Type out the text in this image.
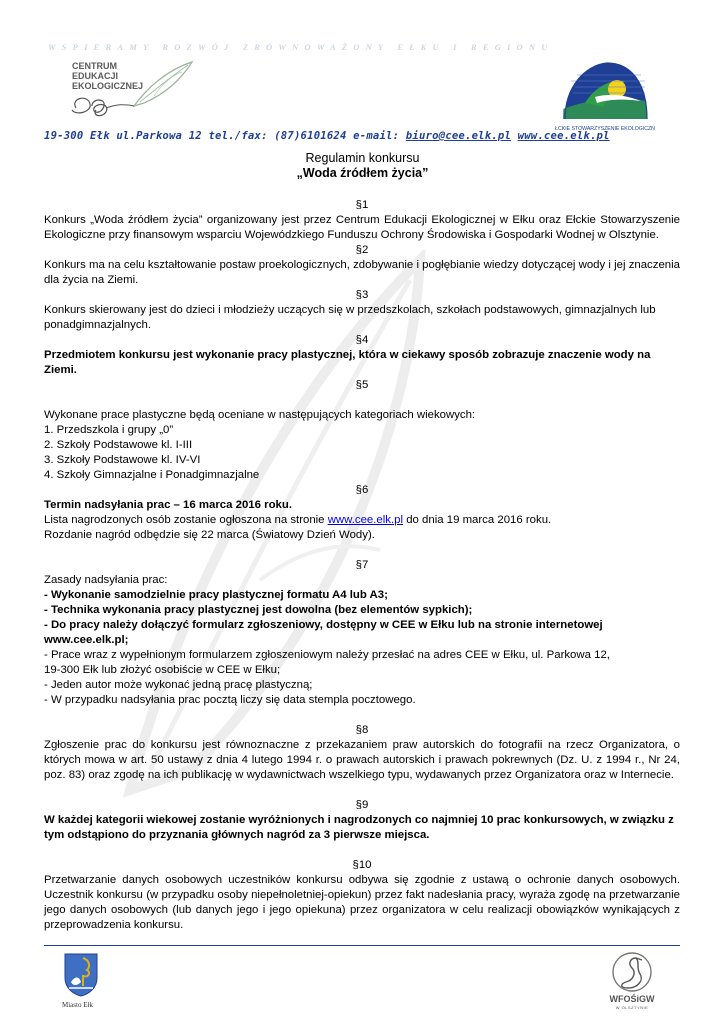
WSPIERAMY ROZWÓJ ZRÓWNOWAŻONY EŁKU I REGIONU
CENTRUM
EDUKACJI
EKOLOGICZNEJ
EŁCKIE STOWARZYSZENIE EKOLOGICZNE
19-300 Ełk ul.Parkowa 12 tel./fax: (87)6101624 e-mail: biuro@cee.elk.pl www.cee.elk.pl
Regulamin konkursu
„Woda źródłem życia”
§1
Konkurs „Woda źródłem życia” organizowany jest przez Centrum Edukacji Ekologicznej w Ełku oraz Ełckie Stowarzyszenie Ekologiczne przy finansowym wsparciu Wojewódzkiego Funduszu Ochrony Środowiska i Gospodarki Wodnej w Olsztynie.
§2
Konkurs ma na celu kształtowanie postaw proekologicznych, zdobywanie i pogłębianie wiedzy dotyczącej wody i jej znaczenia dla życia na Ziemi.
§3
Konkurs skierowany jest do dzieci i młodzieży uczących się w przedszkolach, szkołach podstawowych, gimnazjalnych lub ponadgimnazjalnych.
§4
Przedmiotem konkursu jest wykonanie pracy plastycznej, która w ciekawy sposób zobrazuje znaczenie wody na Ziemi.
§5
Wykonane prace plastyczne będą oceniane w następujących kategoriach wiekowych:
1. Przedszkola i grupy „0”
2. Szkoły Podstawowe kl. I-III
3. Szkoły Podstawowe kl. IV-VI
4. Szkoły Gimnazjalne i Ponadgimnazjalne
§6
Termin nadsyłania prac – 16 marca 2016 roku.
Lista nagrodzonych osób zostanie ogłoszona na stronie www.cee.elk.pl do dnia 19 marca 2016 roku.
Rozdanie nagród odbędzie się 22 marca (Światowy Dzień Wody).
§7
Zasady nadsyłania prac:
- Wykonanie samodzielnie pracy plastycznej formatu A4 lub A3;
- Technika wykonania pracy plastycznej jest dowolna (bez elementów sypkich);
- Do pracy należy dołączyć formularz zgłoszeniowy, dostępny w CEE w Ełku lub na stronie internetowej www.cee.elk.pl;
- Prace wraz z wypełnionym formularzem zgłoszeniowym należy przesłać na adres CEE w Ełku, ul. Parkowa 12,
19-300 Ełk lub złożyć osobiście w CEE w Ełku;
- Jeden autor może wykonać jedną pracę plastyczną;
- W przypadku nadsyłania prac pocztą liczy się data stempla pocztowego.
§8
Zgłoszenie prac do konkursu jest równoznaczne z przekazaniem praw autorskich do fotografii na rzecz Organizatora, o których mowa w art. 50 ustawy z dnia 4 lutego 1994 r. o prawach autorskich i prawach pokrewnych (Dz. U. z 1994 r., Nr 24, poz. 83) oraz zgodę na ich publikację w wydawnictwach wszelkiego typu, wydawanych przez Organizatora oraz w Internecie.
§9
W każdej kategorii wiekowej zostanie wyróżnionych i nagrodzonych co najmniej 10 prac konkursowych, w związku z tym odstąpiono do przyznania głównych nagród za 3 pierwsze miejsca.
§10
Przetwarzanie danych osobowych uczestników konkursu odbywa się zgodnie z ustawą o ochronie danych osobowych. Uczestnik konkursu (w przypadku osoby niepełnoletniej-opiekun) przez fakt nadesłania pracy, wyraża zgodę na przetwarzanie jego danych osobowych (lub danych jego i jego opiekuna) przez organizatora w celu realizacji obowiązków wynikających z przeprowadzenia konkursu.
Miasto Ełk
WFOŚiGW
W OLSZTYNIE
